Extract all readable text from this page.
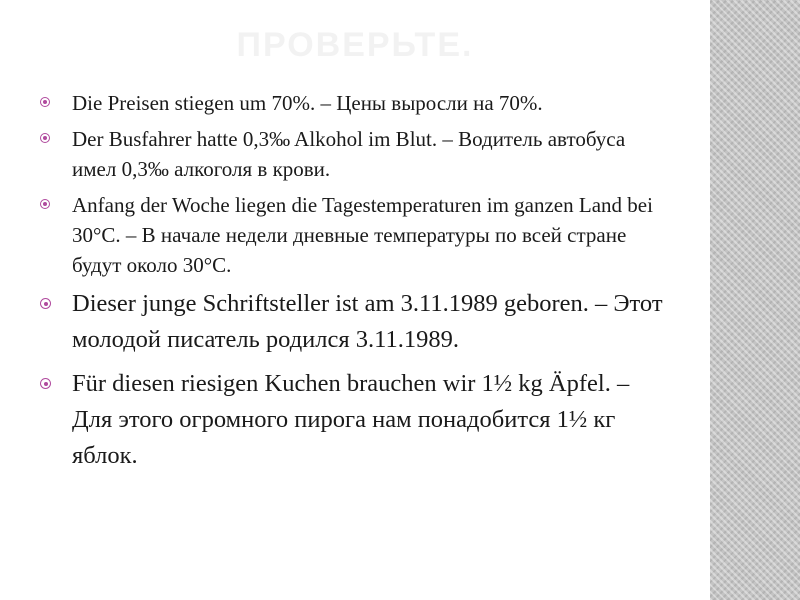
ПРОВЕРЬТЕ.
Die Preisen stiegen um 70%. – Цены выросли на 70%.
Der Busfahrer hatte 0,3‰ Alkohol im Blut. – Водитель автобуса имел 0,3‰ алкоголя в крови.
Anfang der Woche liegen die Tagestemperaturen im ganzen Land bei 30°C. – В начале недели дневные температуры по всей стране будут около 30°C.
Dieser junge Schriftsteller ist am 3.11.1989 geboren. – Этот молодой писатель родился 3.11.1989.
Für diesen riesigen Kuchen brauchen wir 1½ kg Äpfel. – Для этого огромного пирога нам понадобится 1½ кг яблок.
